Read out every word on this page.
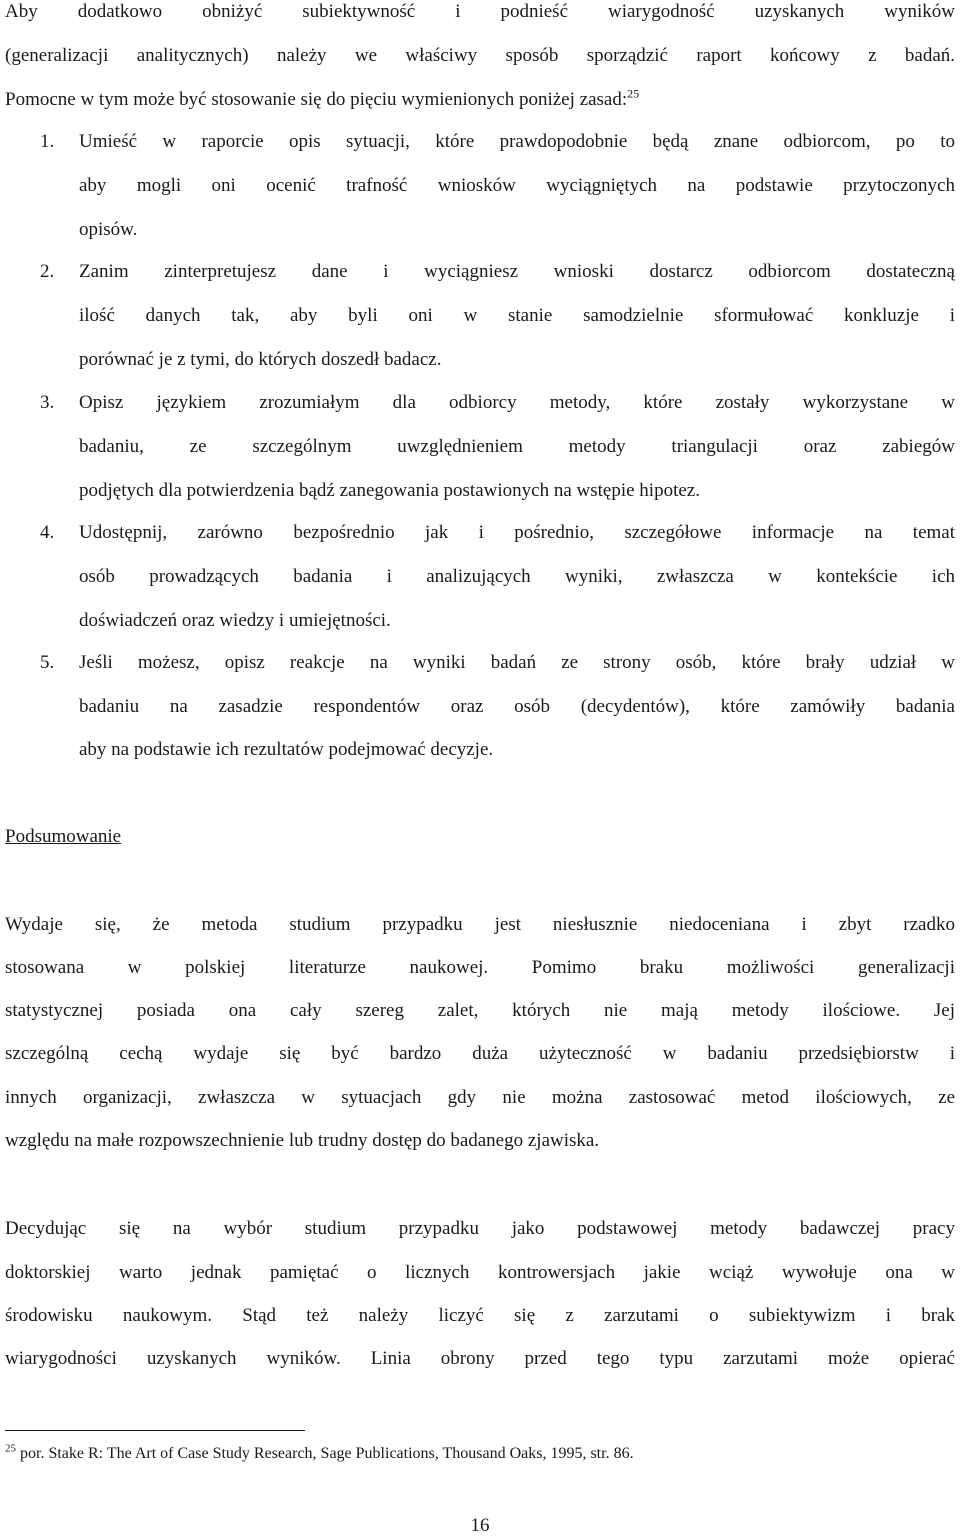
Aby dodatkowo obniżyć subiektywność i podnieść wiarygodność uzyskanych wyników

(generalizacji analitycznych) należy we właściwy sposób sporządzić raport końcowy z badań.

Pomocne w tym może być stosowanie się do pięciu wymienionych poniżej zasad:$^{25}$

1. Umieść w raporcie opis sytuacji, które prawdopodobnie będą znane odbiorcom, po to

aby mogli oni ocenić trafność wniosków wyciągniętych na podstawie przytoczonych

opisów.

2. Zanim zinterpretujesz dane i wyciągniesz wnioski dostarcz odbiorcom dostateczną

ilość danych tak, aby byli oni w stanie samodzielnie sformułować konkluzje i

porównać je z tymi, do których doszedł badacz.

3. Opisz językiem zrozumiałym dla odbiorcy metody, które zostały wykorzystane w

badaniu, ze szczególnym uwzględnieniem metody triangulacji oraz zabiegów

podjętych dla potwierdzenia bądź zanegowania postawionych na wstępie hipotez.

4. Udostępnij, zarówno bezpośrednio jak i pośrednio, szczegółowe informacje na temat

osób prowadzących badania i analizujących wyniki, zwłaszcza w kontekście ich

doświadczeń oraz wiedzy i umiejętności.

5. Jeśli możesz, opisz reakcje na wyniki badań ze strony osób, które brały udział w

badaniu na zasadzie respondentów oraz osób (decydentów), które zamówiły badania

aby na podstawie ich rezultatów podejmować decyzje.

Podsumowanie

Wydaje się, że metoda studium przypadku jest niesłusznie niedoceniana i zbyt rzadko

stosowana w polskiej literaturze naukowej. Pomimo braku możliwości generalizacji

statystycznej posiada ona cały szereg zalet, których nie mają metody ilościowe. Jej

szczególną cechą wydaje się być bardzo duża użyteczność w badaniu przedsiębiorstw i

innych organizacji, zwłaszcza w sytuacjach gdy nie można zastosować metod ilościowych, ze

względu na małe rozpowszechnienie lub trudny dostęp do badanego zjawiska.

Decydując się na wybór studium przypadku jako podstawowej metody badawczej pracy

doktorskiej warto jednak pamiętać o licznych kontrowersjach jakie wciąż wywołuje ona w

środowisku naukowym. Stąd też należy liczyć się z zarzutami o subiektywizm i brak

wiarygodności uzyskanych wyników. Linia obrony przed tego typu zarzutami może opierać

$^{25}$ por. Stake R: The Art of Case Study Research, Sage Publications, Thousand Oaks, 1995, str. 86.

16
